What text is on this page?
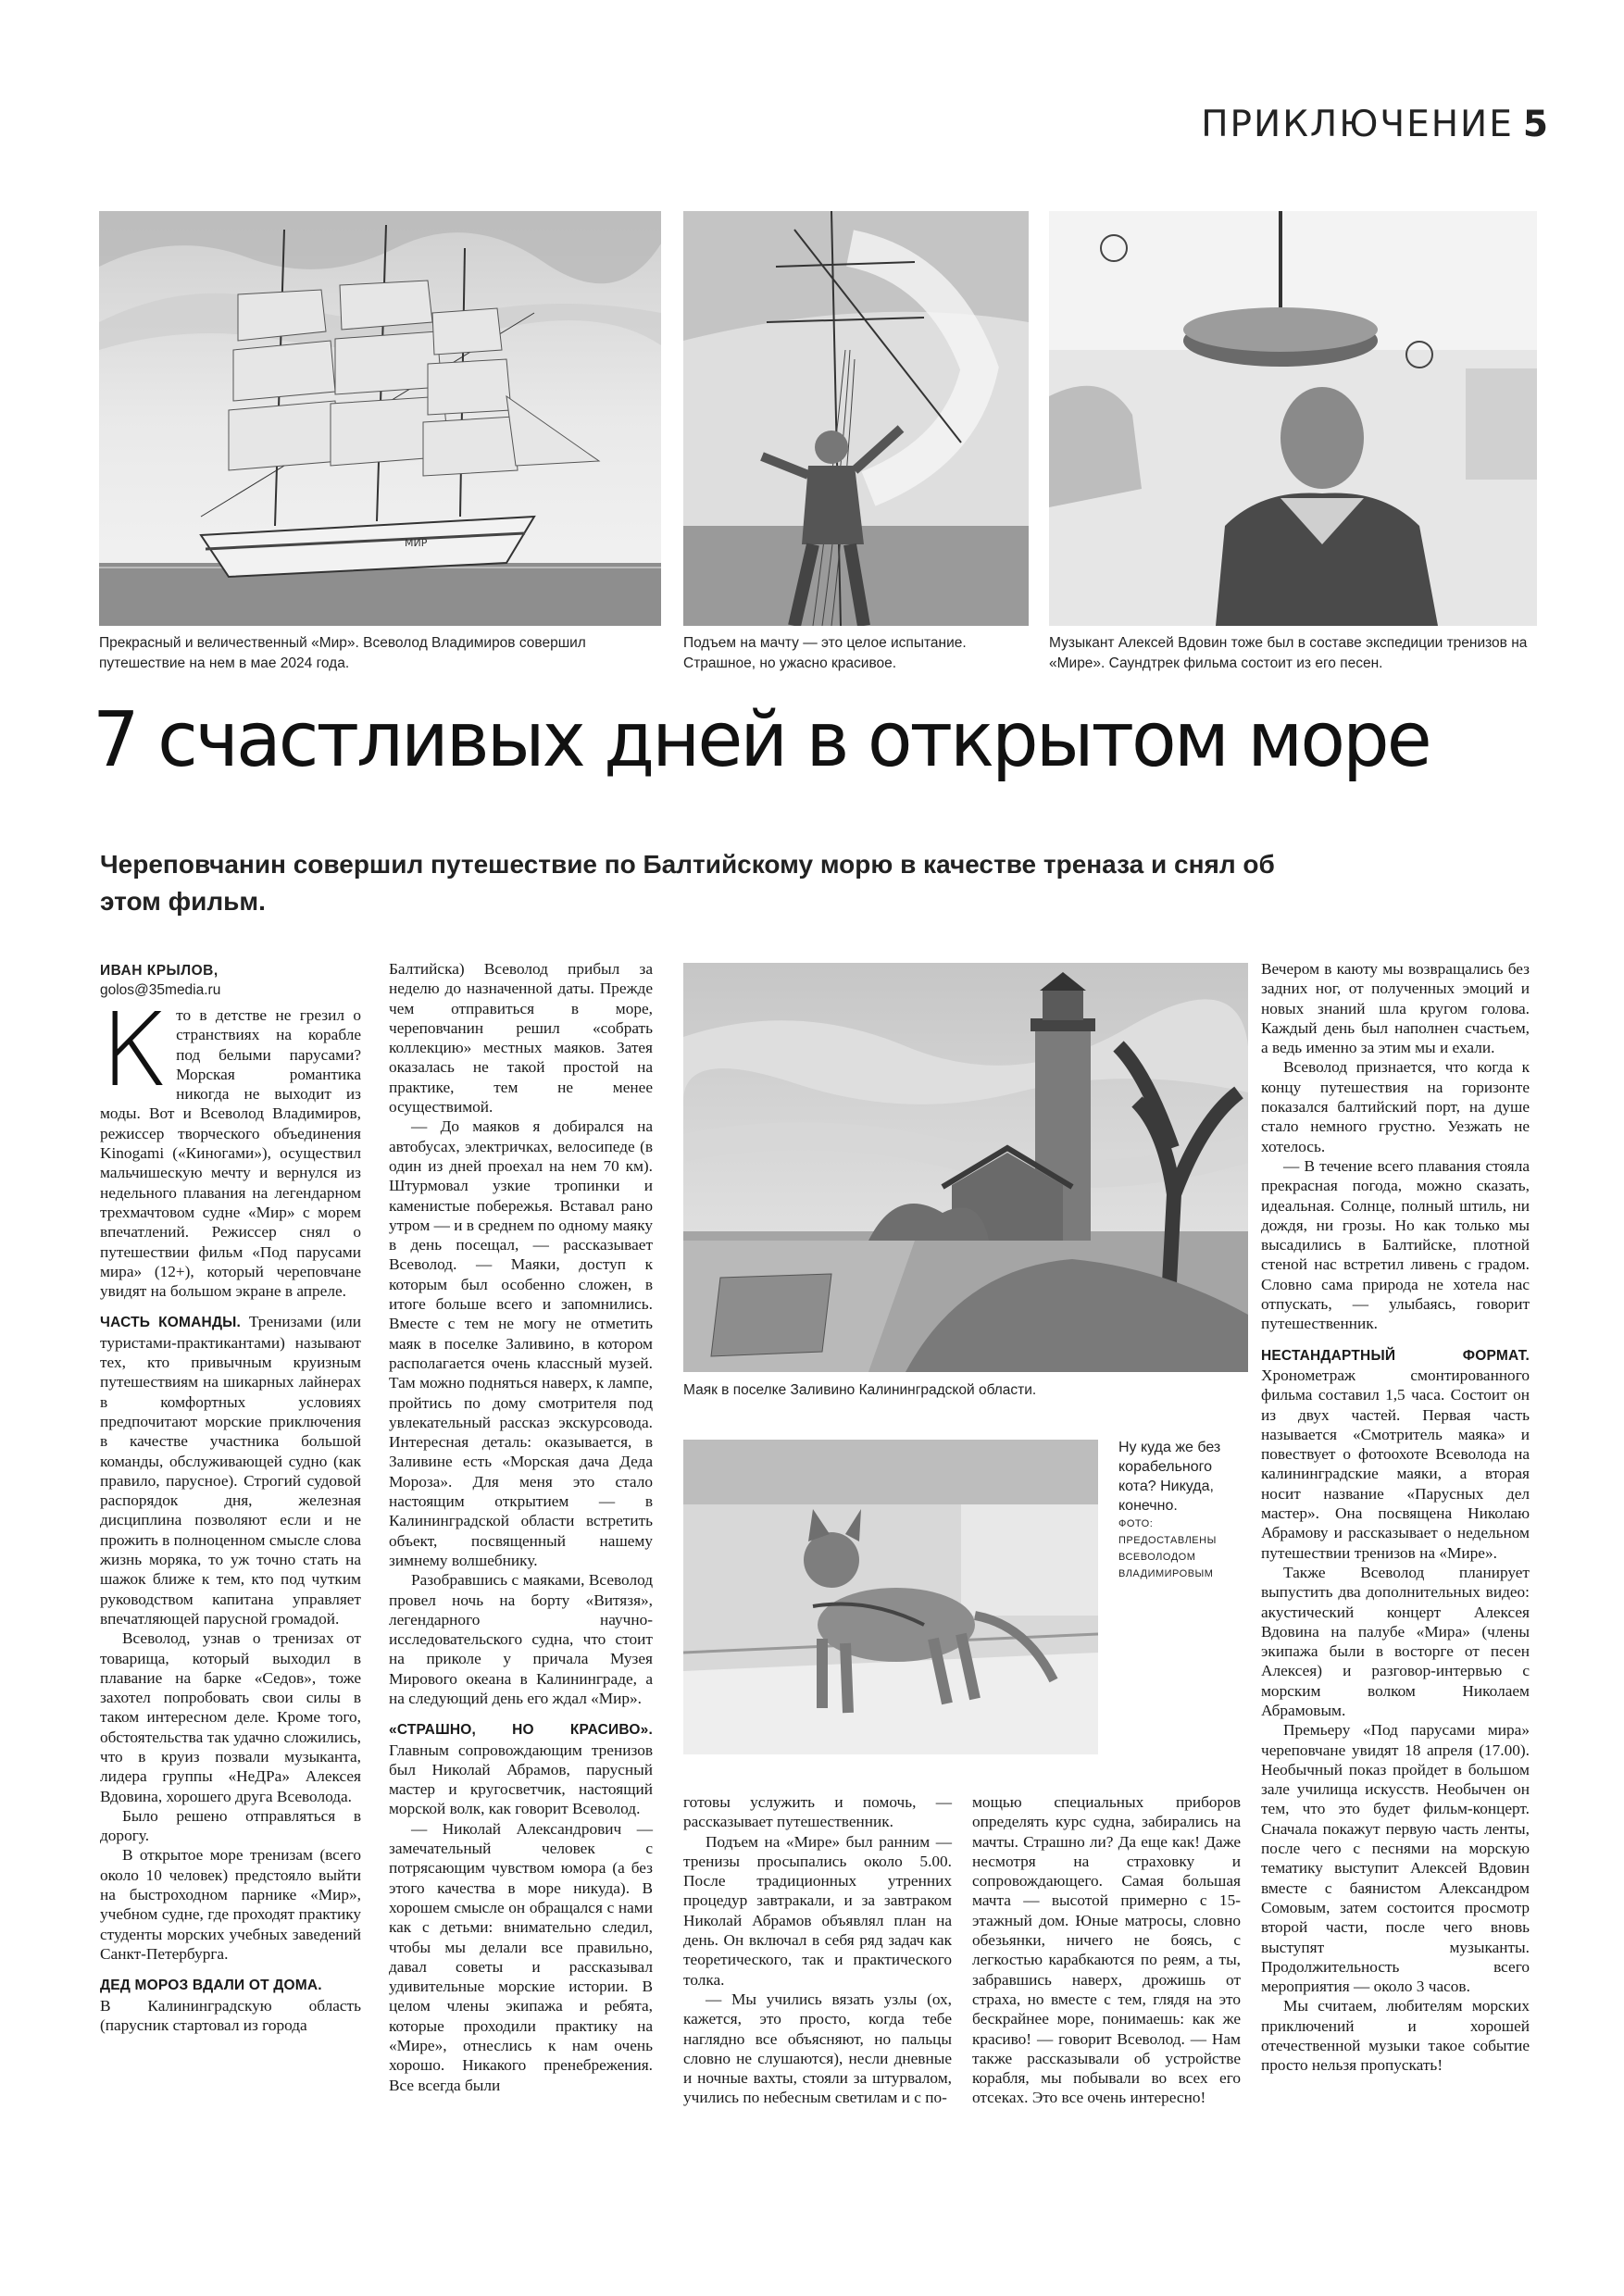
ПРИКЛЮЧЕНИЕ 5
МИР
Прекрасный и величественный «Мир». Всеволод Владимиров совершил путешествие на нем в мае 2024 года.
Подъем на мачту — это целое испытание. Страшное, но ужасно красивое.
Музыкант Алексей Вдовин тоже был в составе экспедиции тренизов на «Мире». Саундтрек фильма состоит из его песен.
7 счастливых дней в открытом море
Череповчанин совершил путешествие по Балтийскому морю в качестве треназа и снял об этом фильм.
ИВАН КРЫЛОВ,
golos@35media.ru
К то в детстве не грезил о странствиях на корабле под белыми парусами? Морская романтика никогда не выходит из моды. Вот и Всеволод Владимиров, режиссер творческого объединения Kinogami («Киногами»), осуществил мальчишескую мечту и вернулся из недельного плавания на легендарном трехмачтовом судне «Мир» с морем впечатлений. Режиссер снял о путешествии фильм «Под парусами мира» (12+), который череповчане увидят на большом экране в апреле.

ЧАСТЬ КОМАНДЫ. Тренизами (или туристами-практикантами) называют тех, кто привычным круизным путешествиям на шикарных лайнерах в комфортных условиях предпочитают морские приключения в качестве участника большой команды, обслуживающей судно (как правило, парусное). Строгий судовой распорядок дня, железная дисциплина позволяют если и не прожить в полноценном смысле слова жизнь моряка, то уж точно стать на шажок ближе к тем, кто под чутким руководством капитана управляет впечатляющей парусной громадой.

Всеволод, узнав о тренизах от товарища, который выходил в плавание на барке «Седов», тоже захотел попробовать свои силы в таком интересном деле. Кроме того, обстоятельства так удачно сложились, что в круиз позвали музыканта, лидера группы «НеДРа» Алексея Вдовина, хорошего друга Всеволода.

Было решено отправляться в дорогу.

В открытое море тренизам (всего около 10 человек) предстояло выйти на быстроходном парнике «Мир», учебном судне, где проходят практику студенты морских учебных заведений Санкт-Петербурга.

ДЕД МОРОЗ ВДАЛИ ОТ ДОМА.
В Калининградскую область (парусник стартовал из города

Балтийска) Всеволод прибыл за неделю до назначенной даты. Прежде чем отправиться в море, череповчанин решил «собрать коллекцию» местных маяков. Затея оказалась не такой простой на практике, тем не менее осуществимой.

— До маяков я добирался на автобусах, электричках, велосипеде (в один из дней проехал на нем 70 км). Штурмовал узкие тропинки и каменистые побережья. Вставал рано утром — и в среднем по одному маяку в день посещал, — рассказывает Всеволод. — Маяки, доступ к которым был особенно сложен, в итоге больше всего и запомнились. Вместе с тем не могу не отметить маяк в поселке Заливино, в котором располагается очень классный музей. Там можно подняться наверх, к лампе, пройтись по дому смотрителя под увлекательный рассказ экскурсовода. Интересная деталь: оказывается, в Заливине есть «Морская дача Деда Мороза». Для меня это стало настоящим открытием — в Калининградской области встретить объект, посвященный нашему зимнему волшебнику.

Разобравшись с маяками, Всеволод провел ночь на борту «Витязя», легендарного научно-исследовательского судна, что стоит на приколе у причала Музея Мирового океана в Калининграде, а на следующий день его ждал «Мир».

«СТРАШНО, НО КРАСИВО». Главным сопровождающим тренизов был Николай Абрамов, парусный мастер и кругосветчик, настоящий морской волк, как говорит Всеволод.

— Николай Александрович — замечательный человек с потрясающим чувством юмора (а без этого качества в море никуда). В хорошем смысле он обращался с нами как с детьми: внимательно следил, чтобы мы делали все правильно, давал советы и рассказывал удивительные морские истории. В целом члены экипажа и ребята, которые проходили практику на «Мире», отнеслись к нам очень хорошо. Никакого пренебрежения. Все всегда были

Маяк в поселке Заливино Калининградской области.
Ну куда же без корабельного кота? Никуда, конечно.
ФОТО: ПРЕДОСТАВЛЕНЫ ВСЕВОЛОДОМ ВЛАДИМИРОВЫМ

готовы услужить и помочь, — рассказывает путешественник.

Подъем на «Мире» был ранним — тренизы просыпались около 5.00. После традиционных утренних процедур завтракали, и за завтраком Николай Абрамов объявлял план на день. Он включал в себя ряд задач как теоретического, так и практического толка.

— Мы учились вязать узлы (ох, кажется, это просто, когда тебе наглядно все объясняют, но пальцы словно не слушаются), несли дневные и ночные вахты, стояли за штурвалом, учились по небесным светилам и с по-

мощью специальных приборов определять курс судна, забирались на мачты. Страшно ли? Да еще как! Даже несмотря на страховку и сопровождающего. Самая большая мачта — высотой примерно с 15-этажный дом. Юные матросы, словно обезьянки, ничего не боясь, с легкостью карабкаются по реям, а ты, забравшись наверх, дрожишь от страха, но вместе с тем, глядя на это бескрайнее море, понимаешь: как же красиво! — говорит Всеволод. — Нам также рассказывали об устройстве корабля, мы побывали во всех его отсеках. Это все очень интересно!

Вечером в каюту мы возвращались без задних ног, от полученных эмоций и новых знаний шла кругом голова. Каждый день был наполнен счастьем, а ведь именно за этим мы и ехали.

Всеволод признается, что когда к концу путешествия на горизонте показался балтийский порт, на душе стало немного грустно. Уезжать не хотелось.

— В течение всего плавания стояла прекрасная погода, можно сказать, идеальная. Солнце, полный штиль, ни дождя, ни грозы. Но как только мы высадились в Балтийске, плотной стеной нас встретил ливень с градом. Словно сама природа не хотела нас отпускать, — улыбаясь, говорит путешественник.

НЕСТАНДАРТНЫЙ ФОРМАТ. Хронометраж смонтированного фильма составил 1,5 часа. Состоит он из двух частей. Первая часть называется «Смотритель маяка» и повествует о фотоохоте Всеволода на калининградские маяки, а вторая носит название «Парусных дел мастер». Она посвящена Николаю Абрамову и рассказывает о недельном путешествии тренизов на «Мире».

Также Всеволод планирует выпустить два дополнительных видео: акустический концерт Алексея Вдовина на палубе «Мира» (члены экипажа были в восторге от песен Алексея) и разговор-интервью с морским волком Николаем Абрамовым.

Премьеру «Под парусами мира» череповчане увидят 18 апреля (17.00). Необычный показ пройдет в большом зале училища искусств. Необычен он тем, что это будет фильм-концерт. Сначала покажут первую часть ленты, после чего с песнями на морскую тематику выступит Алексей Вдовин вместе с баянистом Александром Сомовым, затем состоится просмотр второй части, после чего вновь выступят музыканты. Продолжительность всего мероприятия — около 3 часов.

Мы считаем, любителям морских приключений и хорошей отечественной музыки такое событие просто нельзя пропускать!
